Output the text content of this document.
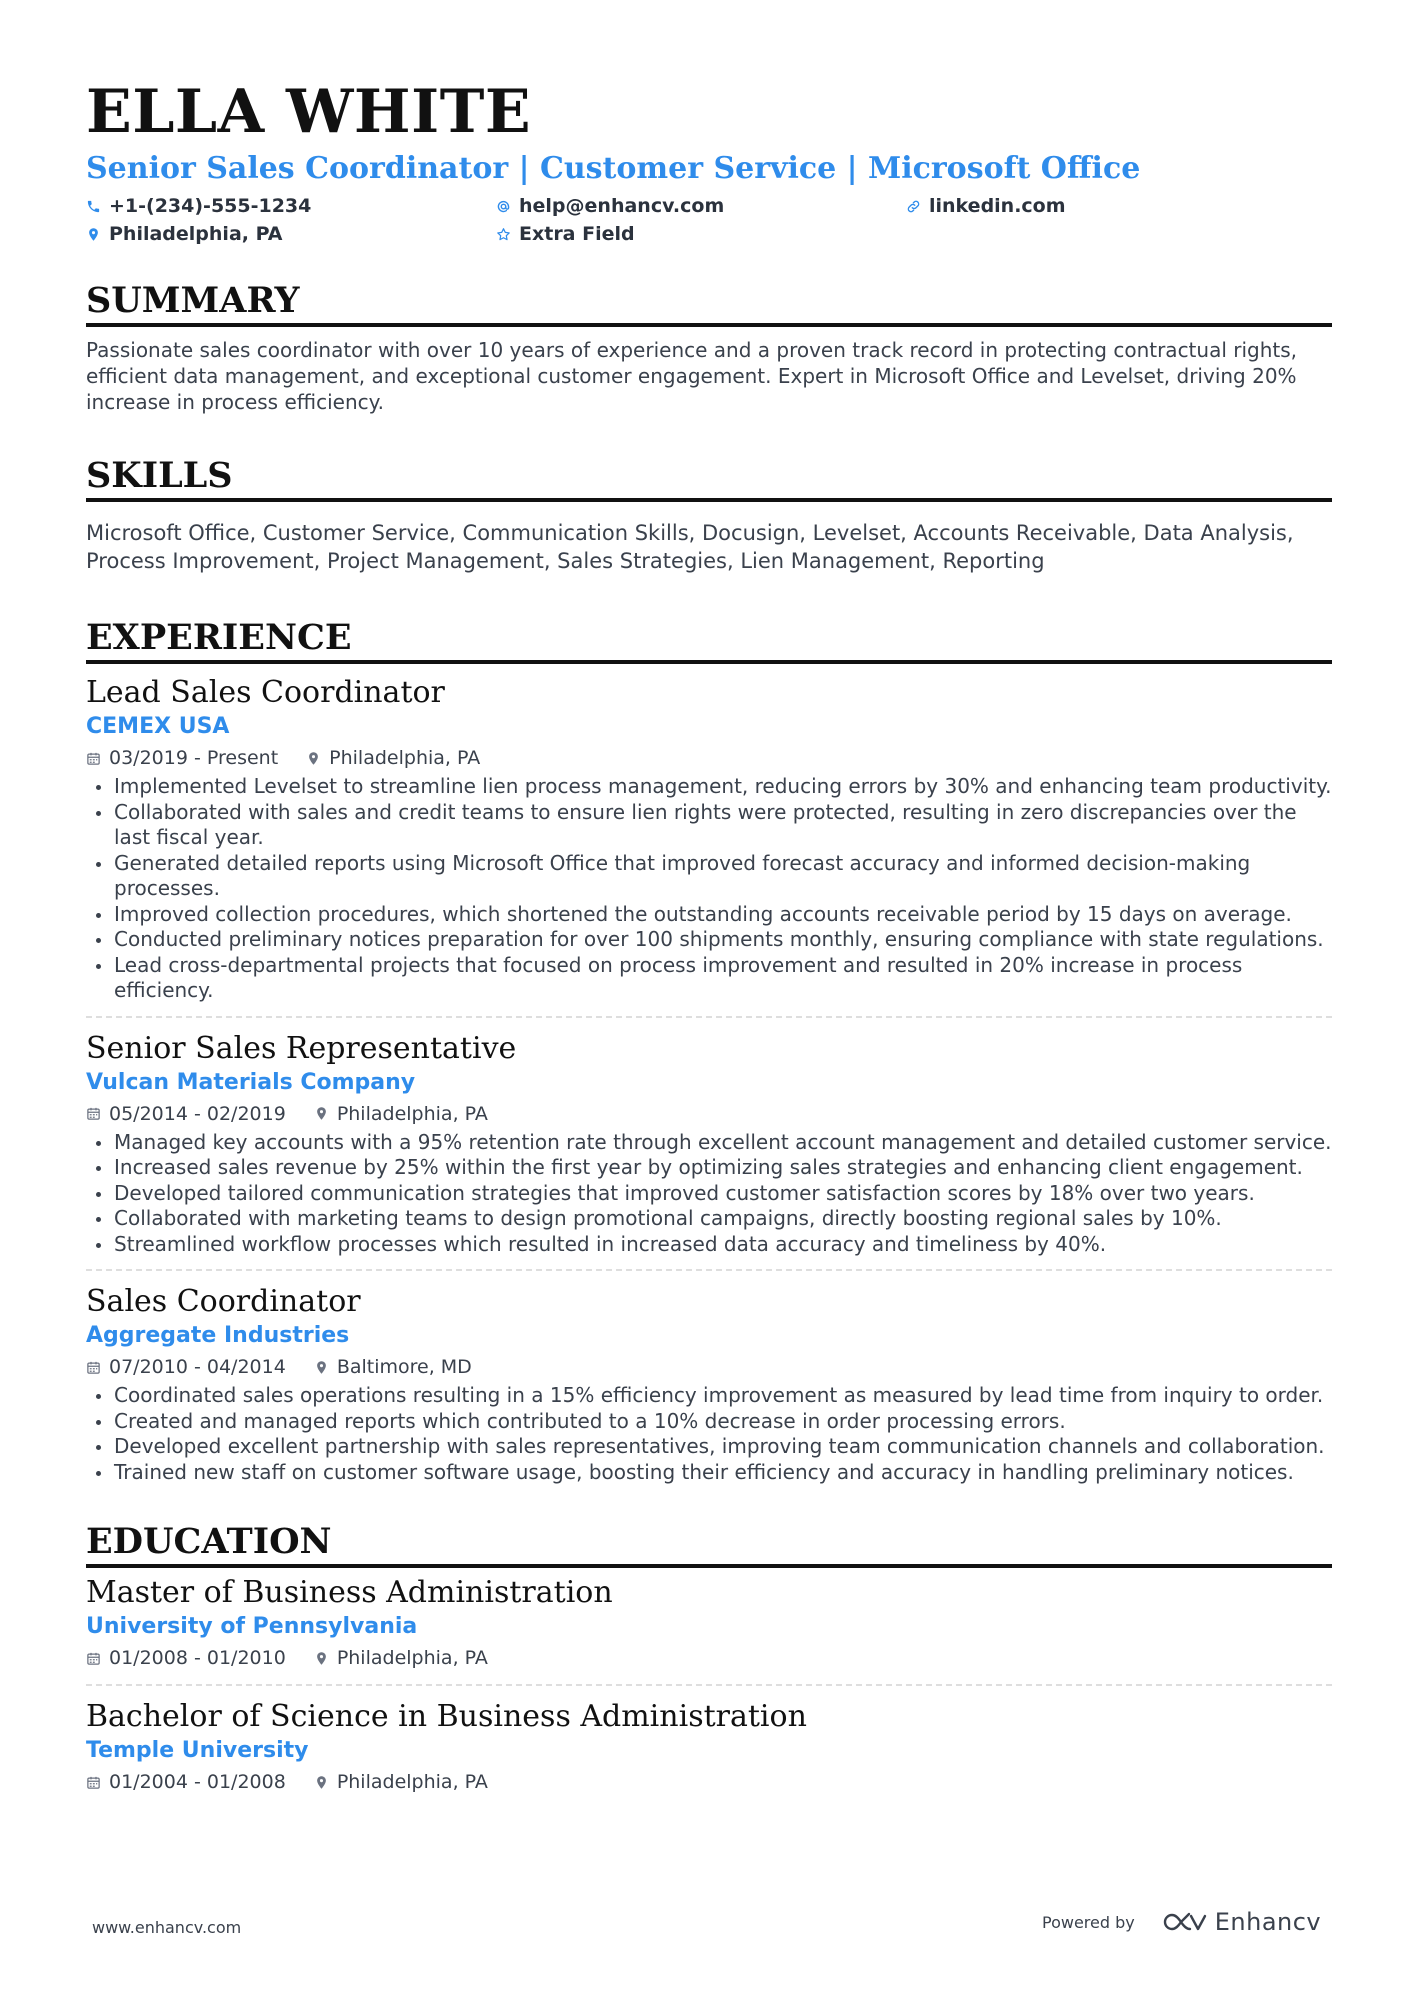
ELLA WHITE
Senior Sales Coordinator | Customer Service | Microsoft Office
+1-(234)-555-1234	help@enhancv.com	linkedin.com
Philadelphia, PA	Extra Field
SUMMARY
Passionate sales coordinator with over 10 years of experience and a proven track record in protecting contractual rights, efficient data management, and exceptional customer engagement. Expert in Microsoft Office and Levelset, driving 20% increase in process efficiency.
SKILLS
Microsoft Office, Customer Service, Communication Skills, Docusign, Levelset, Accounts Receivable, Data Analysis, Process Improvement, Project Management, Sales Strategies, Lien Management, Reporting
EXPERIENCE
Lead Sales Coordinator
CEMEX USA
03/2019 - Present	Philadelphia, PA
Implemented Levelset to streamline lien process management, reducing errors by 30% and enhancing team productivity.
Collaborated with sales and credit teams to ensure lien rights were protected, resulting in zero discrepancies over the last fiscal year.
Generated detailed reports using Microsoft Office that improved forecast accuracy and informed decision-making processes.
Improved collection procedures, which shortened the outstanding accounts receivable period by 15 days on average.
Conducted preliminary notices preparation for over 100 shipments monthly, ensuring compliance with state regulations.
Lead cross-departmental projects that focused on process improvement and resulted in 20% increase in process efficiency.
Senior Sales Representative
Vulcan Materials Company
05/2014 - 02/2019	Philadelphia, PA
Managed key accounts with a 95% retention rate through excellent account management and detailed customer service.
Increased sales revenue by 25% within the first year by optimizing sales strategies and enhancing client engagement.
Developed tailored communication strategies that improved customer satisfaction scores by 18% over two years.
Collaborated with marketing teams to design promotional campaigns, directly boosting regional sales by 10%.
Streamlined workflow processes which resulted in increased data accuracy and timeliness by 40%.
Sales Coordinator
Aggregate Industries
07/2010 - 04/2014	Baltimore, MD
Coordinated sales operations resulting in a 15% efficiency improvement as measured by lead time from inquiry to order.
Created and managed reports which contributed to a 10% decrease in order processing errors.
Developed excellent partnership with sales representatives, improving team communication channels and collaboration.
Trained new staff on customer software usage, boosting their efficiency and accuracy in handling preliminary notices.
EDUCATION
Master of Business Administration
University of Pennsylvania
01/2008 - 01/2010	Philadelphia, PA
Bachelor of Science in Business Administration
Temple University
01/2004 - 01/2008	Philadelphia, PA
www.enhancv.com	Powered by	Enhancv
